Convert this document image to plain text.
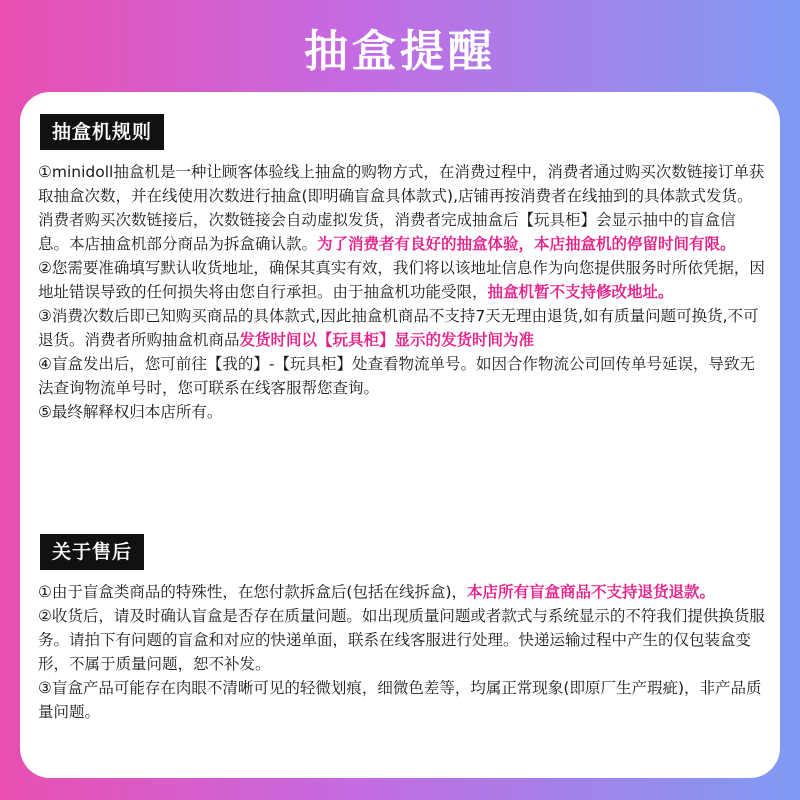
抽盒提醒
抽盒机规则

①minidoll抽盒机是一种让顾客体验线上抽盒的购物方式，在消费过程中，消费者通过购买次数链接订单获取抽盒次数，并在线使用次数进行抽盒(即明确盲盒具体款式),店铺再按消费者在线抽到的具体款式发货。消费者购买次数链接后，次数链接会自动虚拟发货，消费者完成抽盒后【玩具柜】会显示抽中的盲盒信息。本店抽盒机部分商品为拆盒确认款。为了消费者有良好的抽盒体验，本店抽盒机的停留时间有限。

②您需要准确填写默认收货地址，确保其真实有效，我们将以该地址信息作为向您提供服务时所依凭据，因地址错误导致的任何损失将由您自行承担。由于抽盒机功能受限，抽盒机暂不支持修改地址。

③消费次数后即已知购买商品的具体款式,因此抽盒机商品不支持7天无理由退货,如有质量问题可换货,不可退货。消费者所购抽盒机商品发货时间以【玩具柜】显示的发货时间为准

④盲盒发出后，您可前往【我的】-【玩具柜】处查看物流单号。如因合作物流公司回传单号延误，导致无法查询物流单号时，您可联系在线客服帮您查询。

⑤最终解释权归本店所有。

关于售后

①由于盲盒类商品的特殊性，在您付款拆盒后(包括在线拆盒)，本店所有盲盒商品不支持退货退款。

②收货后，请及时确认盲盒是否存在质量问题。如出现质量问题或者款式与系统显示的不符我们提供换货服务。请拍下有问题的盲盒和对应的快递单面，联系在线客服进行处理。快递运输过程中产生的仅包装盒变形，不属于质量问题，恕不补发。

③盲盒产品可能存在肉眼不清晰可见的轻微划痕，细微色差等，均属正常现象(即原厂生产瑕疵)，非产品质量问题。
